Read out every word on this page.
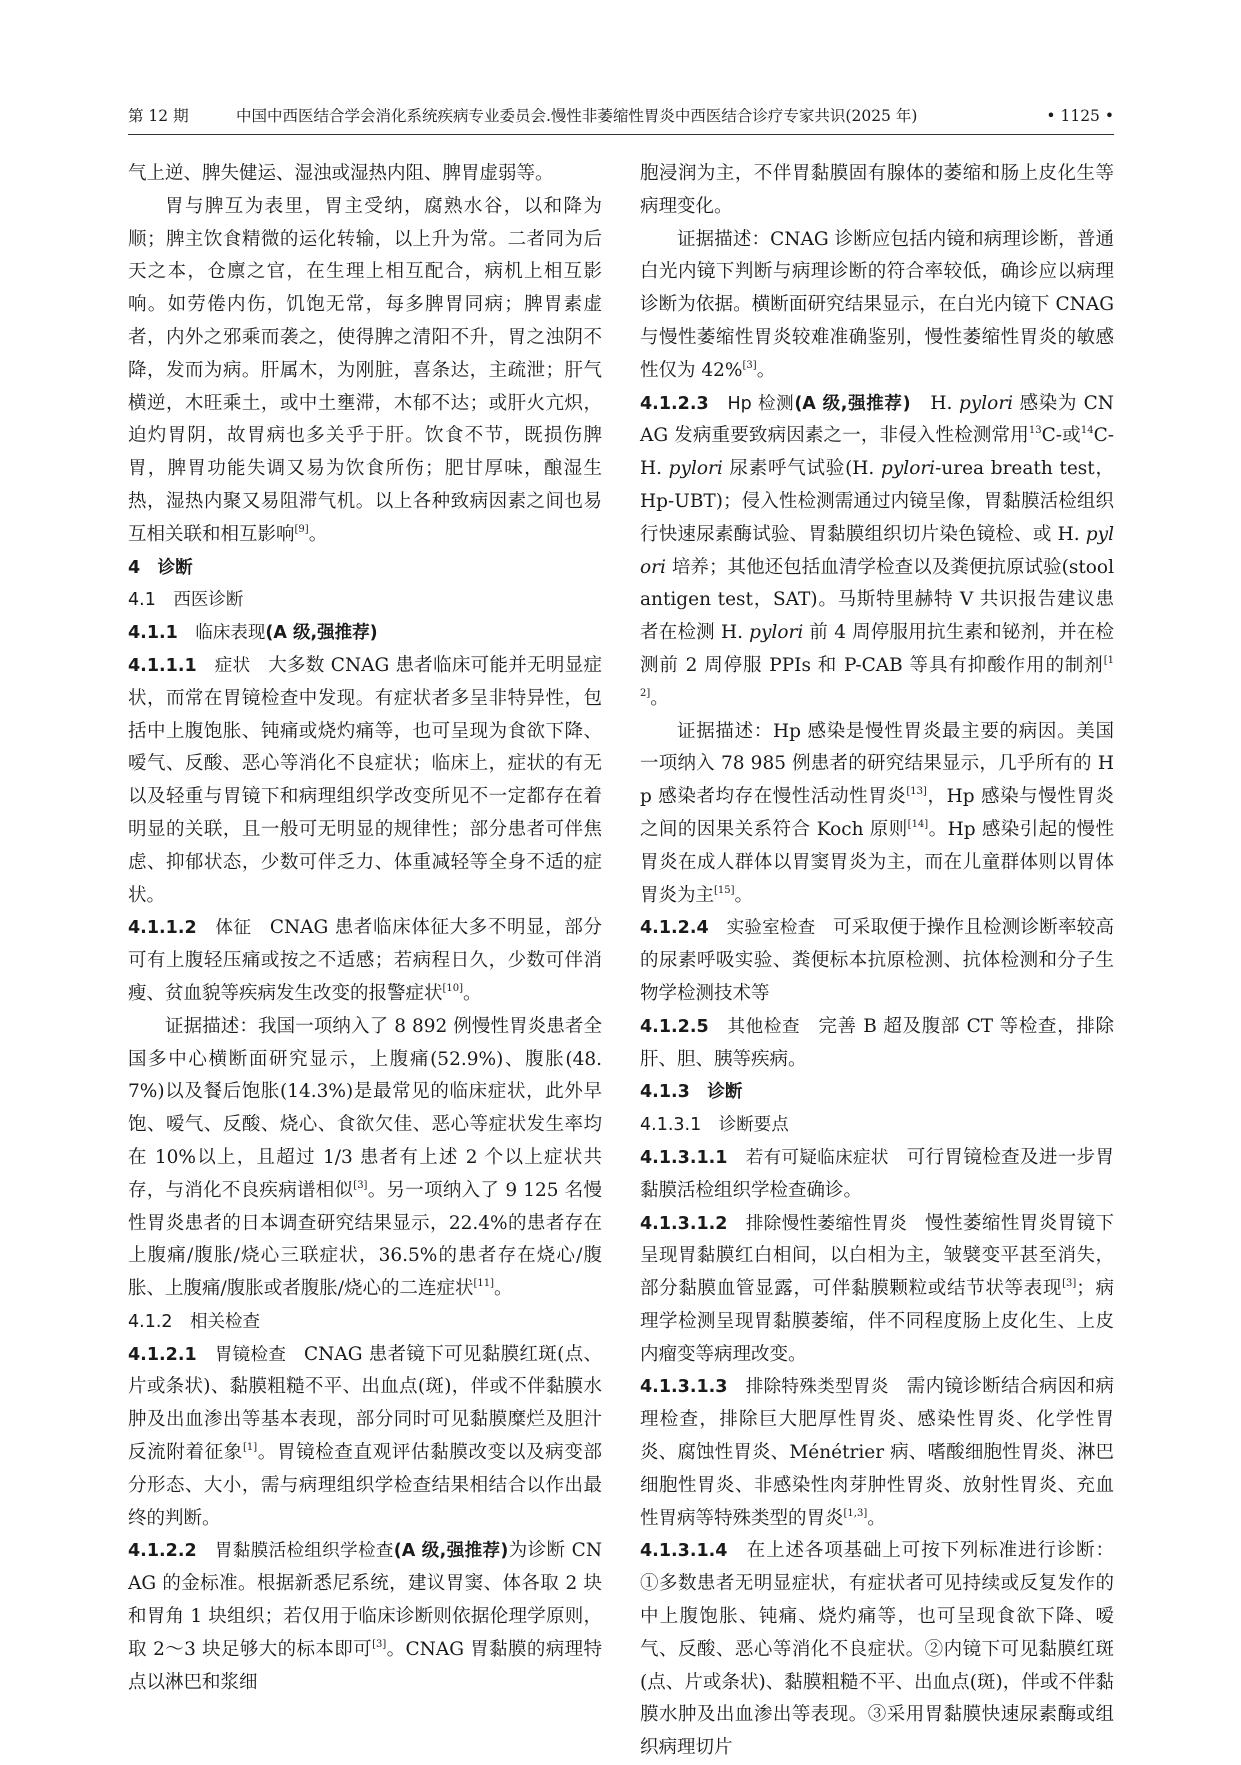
第 12 期	中国中西医结合学会消化系统疾病专业委员会.慢性非萎缩性胃炎中西医结合诊疗专家共识(2025 年)	• 1125 •

气上逆、脾失健运、湿浊或湿热内阻、脾胃虚弱等。

胃与脾互为表里，胃主受纳，腐熟水谷，以和降为顺；脾主饮食精微的运化转输，以上升为常。二者同为后天之本，仓廪之官，在生理上相互配合，病机上相互影响。如劳倦内伤，饥饱无常，每多脾胃同病；脾胃素虚者，内外之邪乘而袭之，使得脾之清阳不升，胃之浊阴不降，发而为病。肝属木，为刚脏，喜条达，主疏泄；肝气横逆，木旺乘土，或中土壅滞，木郁不达；或肝火亢炽，迫灼胃阴，故胃病也多关乎于肝。饮食不节，既损伤脾胃，脾胃功能失调又易为饮食所伤；肥甘厚味，酿湿生热，湿热内聚又易阻滞气机。以上各种致病因素之间也易互相关联和相互影响[9]。

4　诊断

4.1　西医诊断

4.1.1　临床表现(A 级,强推荐)

4.1.1.1　症状　大多数 CNAG 患者临床可能并无明显症状，而常在胃镜检查中发现。有症状者多呈非特异性，包括中上腹饱胀、钝痛或烧灼痛等，也可呈现为食欲下降、嗳气、反酸、恶心等消化不良症状；临床上，症状的有无以及轻重与胃镜下和病理组织学改变所见不一定都存在着明显的关联，且一般可无明显的规律性；部分患者可伴焦虑、抑郁状态，少数可伴乏力、体重减轻等全身不适的症状。

4.1.1.2　体征　CNAG 患者临床体征大多不明显，部分可有上腹轻压痛或按之不适感；若病程日久，少数可伴消瘦、贫血貌等疾病发生改变的报警症状[10]。

证据描述：我国一项纳入了 8 892 例慢性胃炎患者全国多中心横断面研究显示，上腹痛(52.9%)、腹胀(48.7%)以及餐后饱胀(14.3%)是最常见的临床症状，此外早饱、嗳气、反酸、烧心、食欲欠佳、恶心等症状发生率均在 10%以上，且超过 1/3 患者有上述 2 个以上症状共存，与消化不良疾病谱相似[3]。另一项纳入了 9 125 名慢性胃炎患者的日本调查研究结果显示，22.4%的患者存在上腹痛/腹胀/烧心三联症状，36.5%的患者存在烧心/腹胀、上腹痛/腹胀或者腹胀/烧心的二连症状[11]。

4.1.2　相关检查

4.1.2.1　胃镜检查　CNAG 患者镜下可见黏膜红斑(点、片或条状)、黏膜粗糙不平、出血点(斑)，伴或不伴黏膜水肿及出血渗出等基本表现，部分同时可见黏膜糜烂及胆汁反流附着征象[1]。胃镜检查直观评估黏膜改变以及病变部分形态、大小，需与病理组织学检查结果相结合以作出最终的判断。

4.1.2.2　胃黏膜活检组织学检查(A 级,强推荐)为诊断 CNAG 的金标准。根据新悉尼系统，建议胃窦、体各取 2 块和胃角 1 块组织；若仅用于临床诊断则依据伦理学原则，取 2～3 块足够大的标本即可[3]。CNAG 胃黏膜的病理特点以淋巴和浆细

胞浸润为主，不伴胃黏膜固有腺体的萎缩和肠上皮化生等病理变化。

证据描述：CNAG 诊断应包括内镜和病理诊断，普通白光内镜下判断与病理诊断的符合率较低，确诊应以病理诊断为依据。横断面研究结果显示，在白光内镜下 CNAG 与慢性萎缩性胃炎较难准确鉴别，慢性萎缩性胃炎的敏感性仅为 42%[3]。

4.1.2.3　Hp 检测(A 级,强推荐)　H. pylori 感染为 CNAG 发病重要致病因素之一，非侵入性检测常用$^{13}$C-或$^{14}$C-H. pylori 尿素呼气试验(H. pylori-urea breath test，Hp-UBT)；侵入性检测需通过内镜呈像，胃黏膜活检组织行快速尿素酶试验、胃黏膜组织切片染色镜检、或 H. pylori 培养；其他还包括血清学检查以及粪便抗原试验(stool antigen test，SAT)。马斯特里赫特 V 共识报告建议患者在检测 H. pylori 前 4 周停服用抗生素和铋剂，并在检测前 2 周停服 PPIs 和 P-CAB 等具有抑酸作用的制剂[12]。

证据描述：Hp 感染是慢性胃炎最主要的病因。美国一项纳入 78 985 例患者的研究结果显示，几乎所有的 Hp 感染者均存在慢性活动性胃炎[13]，Hp 感染与慢性胃炎之间的因果关系符合 Koch 原则[14]。Hp 感染引起的慢性胃炎在成人群体以胃窦胃炎为主，而在儿童群体则以胃体胃炎为主[15]。

4.1.2.4　实验室检查　可采取便于操作且检测诊断率较高的尿素呼吸实验、粪便标本抗原检测、抗体检测和分子生物学检测技术等

4.1.2.5　其他检查　完善 B 超及腹部 CT 等检查，排除肝、胆、胰等疾病。

4.1.3　诊断

4.1.3.1　诊断要点

4.1.3.1.1　若有可疑临床症状　可行胃镜检查及进一步胃黏膜活检组织学检查确诊。

4.1.3.1.2　排除慢性萎缩性胃炎　慢性萎缩性胃炎胃镜下呈现胃黏膜红白相间，以白相为主，皱襞变平甚至消失，部分黏膜血管显露，可伴黏膜颗粒或结节状等表现[3]；病理学检测呈现胃黏膜萎缩，伴不同程度肠上皮化生、上皮内瘤变等病理改变。

4.1.3.1.3　排除特殊类型胃炎　需内镜诊断结合病因和病理检查，排除巨大肥厚性胃炎、感染性胃炎、化学性胃炎、腐蚀性胃炎、Ménétrier 病、嗜酸细胞性胃炎、淋巴细胞性胃炎、非感染性肉芽肿性胃炎、放射性胃炎、充血性胃病等特殊类型的胃炎[1,3]。

4.1.3.1.4　在上述各项基础上可按下列标准进行诊断：①多数患者无明显症状，有症状者可见持续或反复发作的中上腹饱胀、钝痛、烧灼痛等，也可呈现食欲下降、嗳气、反酸、恶心等消化不良症状。②内镜下可见黏膜红斑(点、片或条状)、黏膜粗糙不平、出血点(斑)，伴或不伴黏膜水肿及出血渗出等表现。③采用胃黏膜快速尿素酶或组织病理切片
